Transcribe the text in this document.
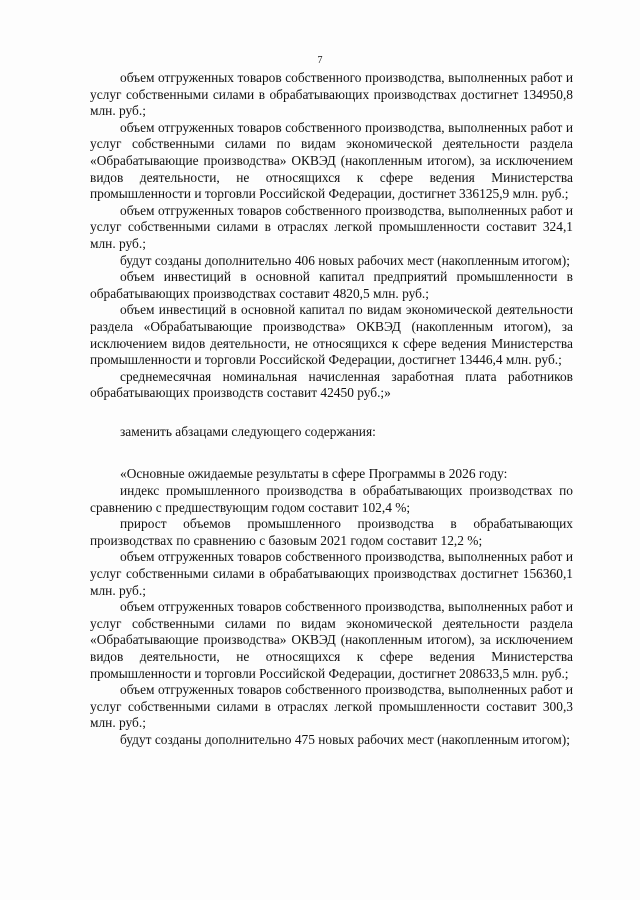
7

объем отгруженных товаров собственного производства, выполненных работ и услуг собственными силами в обрабатывающих производствах достигнет 134950,8 млн. руб.;

объем отгруженных товаров собственного производства, выполненных работ и услуг собственными силами по видам экономической деятельности раздела «Обрабатывающие производства» ОКВЭД (накопленным итогом), за исключением видов деятельности, не относящихся к сфере ведения Министерства промышленности и торговли Российской Федерации, достигнет 336125,9 млн. руб.;

объем отгруженных товаров собственного производства, выполненных работ и услуг собственными силами в отраслях легкой промышленности составит 324,1 млн. руб.;

будут созданы дополнительно 406 новых рабочих мест (накопленным итогом);

объем инвестиций в основной капитал предприятий промышленности в обрабатывающих производствах составит 4820,5 млн. руб.;

объем инвестиций в основной капитал по видам экономической деятельности раздела «Обрабатывающие производства» ОКВЭД (накопленным итогом), за исключением видов деятельности, не относящихся к сфере ведения Министерства промышленности и торговли Российской Федерации, достигнет 13446,4 млн. руб.;

среднемесячная номинальная начисленная заработная плата работников обрабатывающих производств составит 42450 руб.;»

заменить абзацами следующего содержания:

«Основные ожидаемые результаты в сфере Программы в 2026 году:

индекс промышленного производства в обрабатывающих производствах по сравнению с предшествующим годом составит 102,4 %;

прирост объемов промышленного производства в обрабатывающих производствах по сравнению с базовым 2021 годом составит 12,2 %;

объем отгруженных товаров собственного производства, выполненных работ и услуг собственными силами в обрабатывающих производствах достигнет 156360,1 млн. руб.;

объем отгруженных товаров собственного производства, выполненных работ и услуг собственными силами по видам экономической деятельности раздела «Обрабатывающие производства» ОКВЭД (накопленным итогом), за исключением видов деятельности, не относящихся к сфере ведения Министерства промышленности и торговли Российской Федерации, достигнет 208633,5 млн. руб.;

объем отгруженных товаров собственного производства, выполненных работ и услуг собственными силами в отраслях легкой промышленности составит 300,3 млн. руб.;

будут созданы дополнительно 475 новых рабочих мест (накопленным итогом);
